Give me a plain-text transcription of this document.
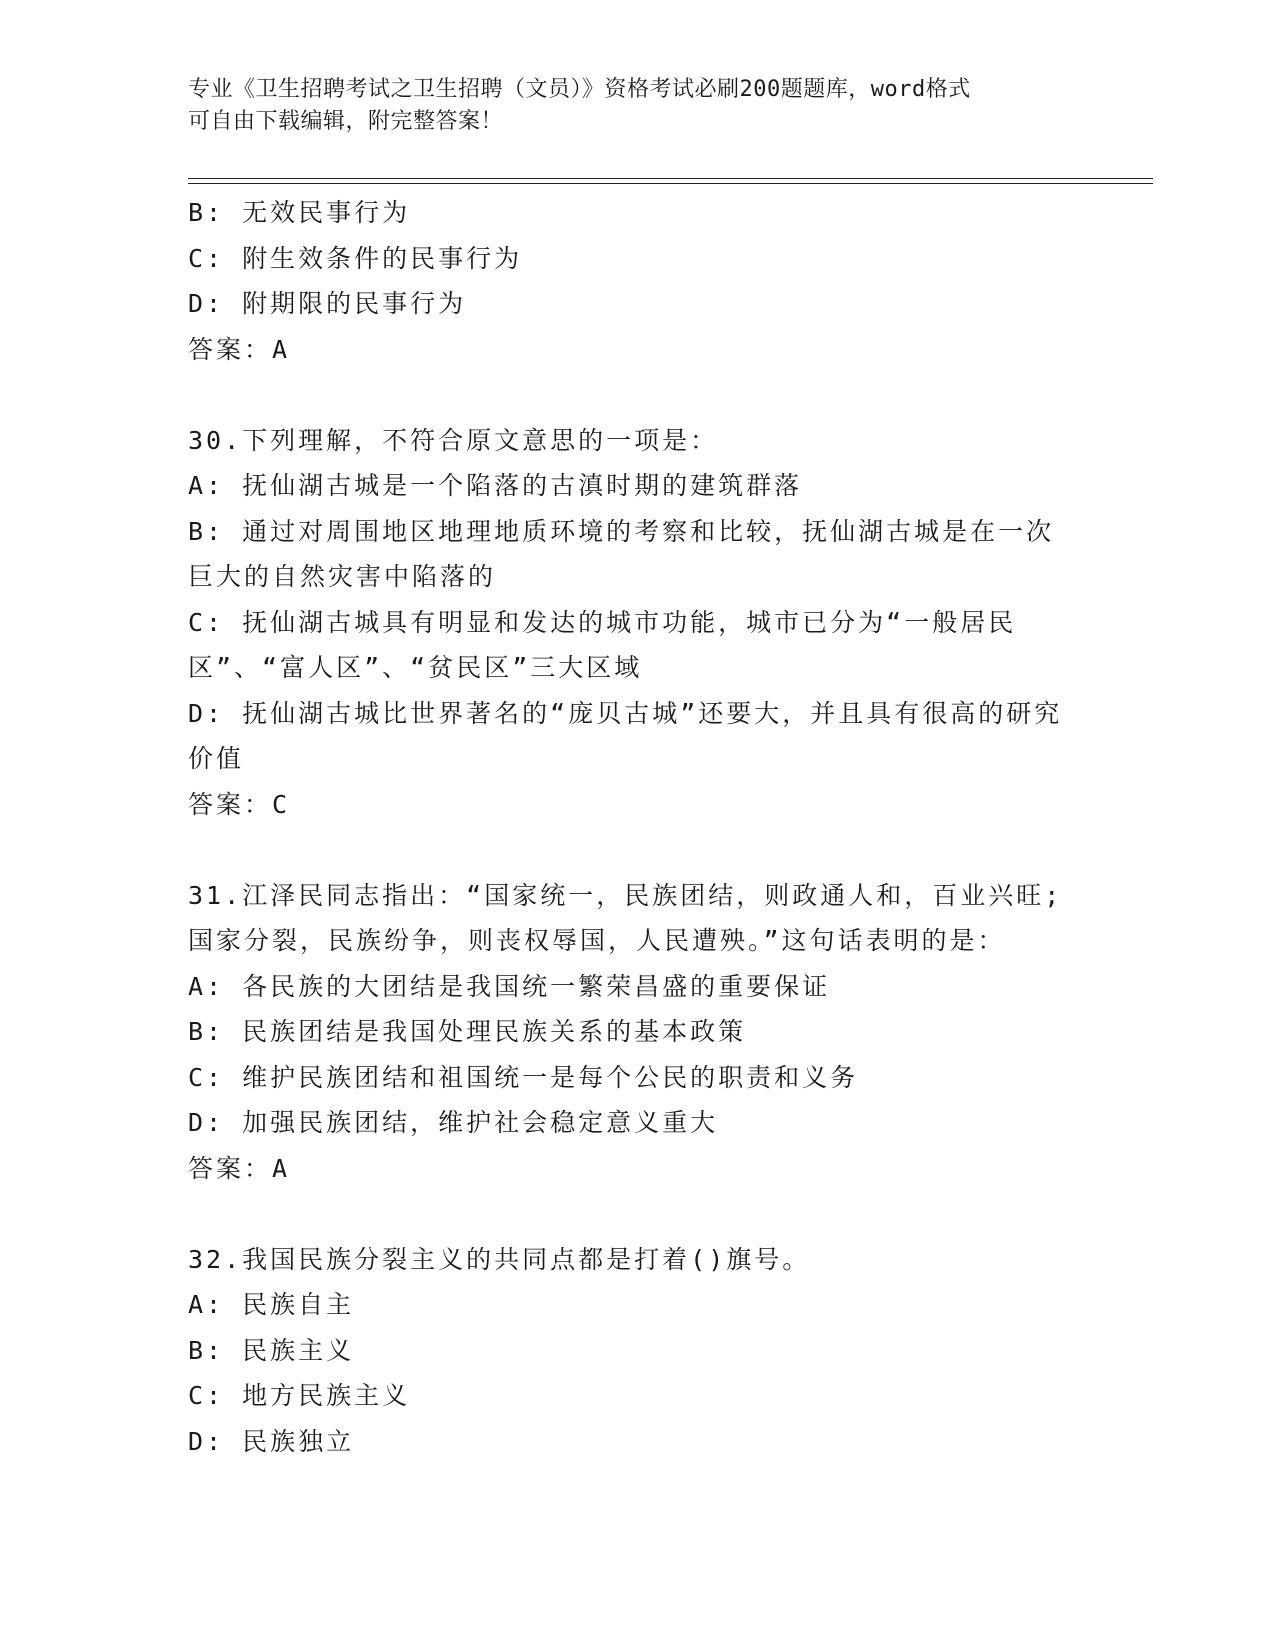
专业《卫生招聘考试之卫生招聘（文员）》资格考试必刷200题题库，word格式
可自由下载编辑，附完整答案！
B: 无效民事行为
C: 附生效条件的民事行为
D: 附期限的民事行为
答案：A
30.下列理解，不符合原文意思的一项是：
A: 抚仙湖古城是一个陷落的古滇时期的建筑群落
B: 通过对周围地区地理地质环境的考察和比较，抚仙湖古城是在一次巨大的自然灾害中陷落的
C: 抚仙湖古城具有明显和发达的城市功能，城市已分为“一般居民区”、“富人区”、“贫民区”三大区域
D: 抚仙湖古城比世界著名的“庞贝古城”还要大，并且具有很高的研究价值
答案：C
31.江泽民同志指出：“国家统一，民族团结，则政通人和，百业兴旺;国家分裂，民族纷争，则丧权辱国，人民遭殃。”这句话表明的是：
A: 各民族的大团结是我国统一繁荣昌盛的重要保证
B: 民族团结是我国处理民族关系的基本政策
C: 维护民族团结和祖国统一是每个公民的职责和义务
D: 加强民族团结，维护社会稳定意义重大
答案：A
32.我国民族分裂主义的共同点都是打着()旗号。
A: 民族自主
B: 民族主义
C: 地方民族主义
D: 民族独立
